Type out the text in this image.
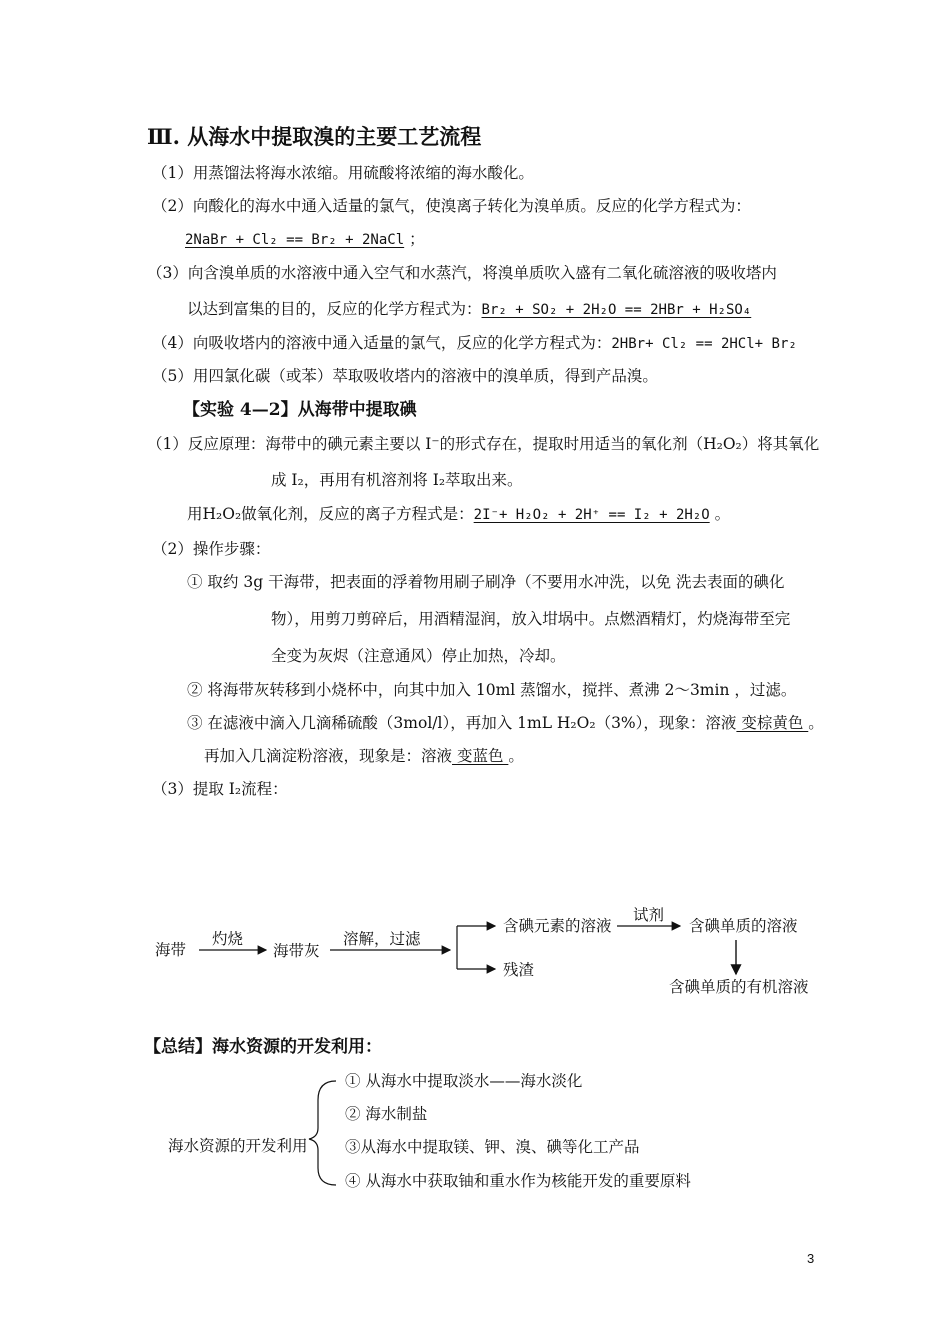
Ⅲ. 从海水中提取溴的主要工艺流程
（1）用蒸馏法将海水浓缩。用硫酸将浓缩的海水酸化。
（2）向酸化的海水中通入适量的氯气，使溴离子转化为溴单质。反应的化学方程式为：
2NaBr + Cl₂ == Br₂ + 2NaCl ；
（3）向含溴单质的水溶液中通入空气和水蒸汽，将溴单质吹入盛有二氧化硫溶液的吸收塔内
以达到富集的目的，反应的化学方程式为：Br₂ + SO₂ + 2H₂O == 2HBr + H₂SO₄
（4）向吸收塔内的溶液中通入适量的氯气，反应的化学方程式为：2HBr+ Cl₂ == 2HCl+ Br₂
（5）用四氯化碳（或苯）萃取吸收塔内的溶液中的溴单质，得到产品溴。
【实验 4—2】从海带中提取碘
（1）反应原理：海带中的碘元素主要以 I⁻的形式存在，提取时用适当的氧化剂（H₂O₂）将其氧化
成 I₂，再用有机溶剂将 I₂萃取出来。
用H₂O₂做氧化剂，反应的离子方程式是：2I⁻+ H₂O₂ + 2H⁺ == I₂ + 2H₂O 。
（2）操作步骤：
① 取约 3g 干海带，把表面的浮着物用刷子刷净（不要用水冲洗，以免 洗去表面的碘化
物），用剪刀剪碎后，用酒精湿润，放入坩埚中。点燃酒精灯，灼烧海带至完
全变为灰烬（注意通风）停止加热，冷却。
② 将海带灰转移到小烧杯中，向其中加入 10ml 蒸馏水，搅拌、煮沸 2～3min ，过滤。
③ 在滤液中滴入几滴稀硫酸（3mol/l），再加入 1mL H₂O₂（3%），现象：溶液 变棕黄色 。
再加入几滴淀粉溶液，现象是：溶液 变蓝色 。
（3）提取 I₂流程：
海带
灼烧
海带灰
溶解，过滤
含碘元素的溶液
试剂
含碘单质的溶液
残渣
含碘单质的有机溶液
【总结】海水资源的开发利用：
海水资源的开发利用
① 从海水中提取淡水——海水淡化
② 海水制盐
③从海水中提取镁、钾、溴、碘等化工产品
④ 从海水中获取铀和重水作为核能开发的重要原料
3
